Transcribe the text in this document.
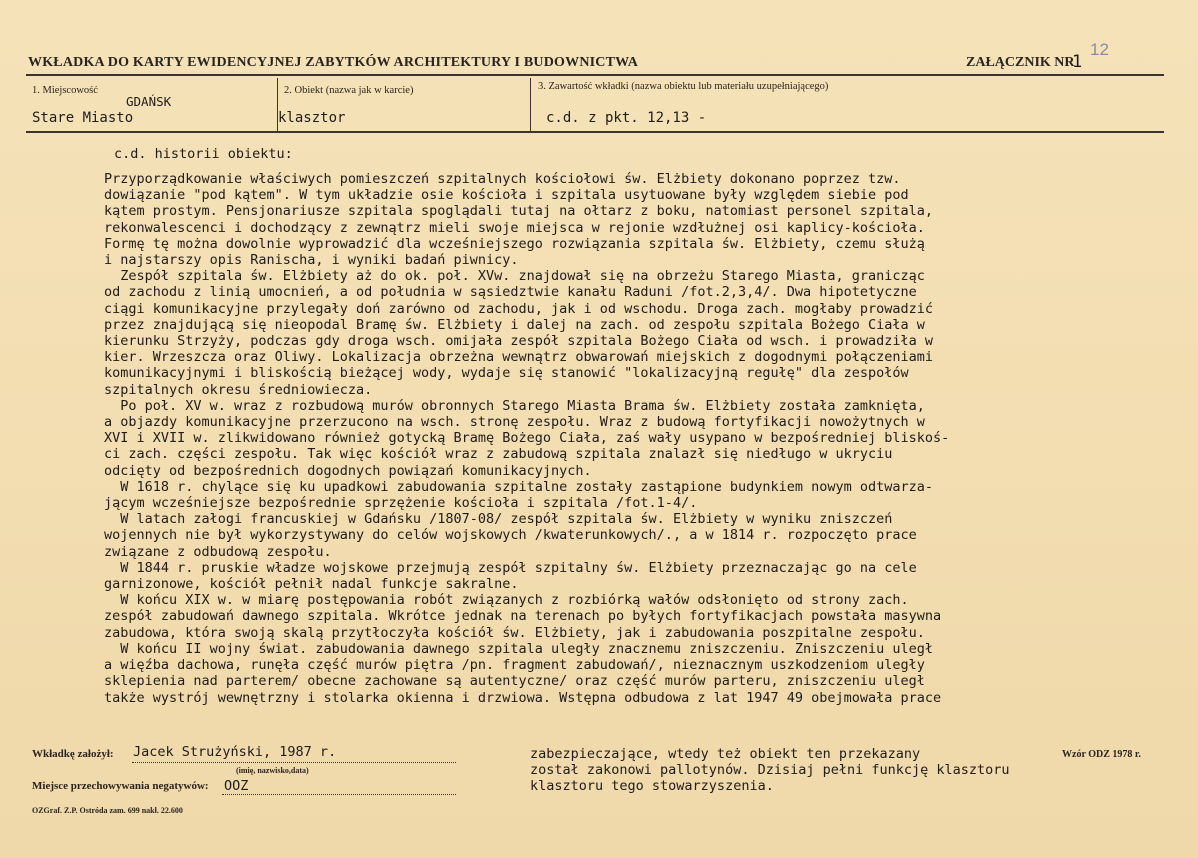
WKŁADKA DO KARTY EWIDENCYJNEJ ZABYTKÓW ARCHITEKTURY I BUDOWNICTWA	ZAŁĄCZNIK NR
1
12
1. Miejscowość
GDAŃSK
Stare Miasto
2. Obiekt (nazwa jak w karcie)
klasztor
3. Zawartość wkładki (nazwa obiektu lub materiału uzupełniającego)
c.d. z pkt. 12,13 -
c.d. historii obiektu:

Przyporządkowanie właściwych pomieszczeń szpitalnych kościołowi św. Elżbiety dokonano poprzez tzw.

dowiązanie "pod kątem". W tym układzie osie kościoła i szpitala usytuowane były względem siebie pod

kątem prostym. Pensjonariusze szpitala spoglądali tutaj na ołtarz z boku, natomiast personel szpitala,

rekonwalescenci i dochodzący z zewnątrz mieli swoje miejsca w rejonie wzdłużnej osi kaplicy-kościoła.

Formę tę można dowolnie wyprowadzić dla wcześniejszego rozwiązania szpitala św. Elżbiety, czemu służą

i najstarszy opis Ranischa, i wyniki badań piwnicy.

Zespół szpitala św. Elżbiety aż do ok. poł. XVw. znajdował się na obrzeżu Starego Miasta, granicząc

od zachodu z linią umocnień, a od południa w sąsiedztwie kanału Raduni /fot.2,3,4/. Dwa hipotetyczne

ciągi komunikacyjne przylegały doń zarówno od zachodu, jak i od wschodu. Droga zach. mogłaby prowadzić

przez znajdującą się nieopodal Bramę św. Elżbiety i dalej na zach. od zespołu szpitala Bożego Ciała w

kierunku Strzyży, podczas gdy droga wsch. omijała zespół szpitala Bożego Ciała od wsch. i prowadziła w

kier. Wrzeszcza oraz Oliwy. Lokalizacja obrzeżna wewnątrz obwarowań miejskich z dogodnymi połączeniami

komunikacyjnymi i bliskością bieżącej wody, wydaje się stanowić "lokalizacyjną regułę" dla zespołów

szpitalnych okresu średniowiecza.

Po poł. XV w. wraz z rozbudową murów obronnych Starego Miasta Brama św. Elżbiety została zamknięta,

a objazdy komunikacyjne przerzucono na wsch. stronę zespołu. Wraz z budową fortyfikacji nowożytnych w

XVI i XVII w. zlikwidowano również gotycką Bramę Bożego Ciała, zaś wały usypano w bezpośredniej bliskoś-

ci zach. części zespołu. Tak więc kościół wraz z zabudową szpitala znalazł się niedługo w ukryciu

odcięty od bezpośrednich dogodnych powiązań komunikacyjnych.

W 1618 r. chylące się ku upadkowi zabudowania szpitalne zostały zastąpione budynkiem nowym odtwarza-

jącym wcześniejsze bezpośrednie sprzężenie kościoła i szpitala /fot.1-4/.

W latach załogi francuskiej w Gdańsku /1807-08/ zespół szpitala św. Elżbiety w wyniku zniszczeń

wojennych nie był wykorzystywany do celów wojskowych /kwaterunkowych/., a w 1814 r. rozpoczęto prace

związane z odbudową zespołu.

W 1844 r. pruskie władze wojskowe przejmują zespół szpitalny św. Elżbiety przeznaczając go na cele

garnizonowe, kościół pełnił nadal funkcje sakralne.

W końcu XIX w. w miarę postępowania robót związanych z rozbiórką wałów odsłonięto od strony zach.

zespół zabudowań dawnego szpitala. Wkrótce jednak na terenach po byłych fortyfikacjach powstała masywna

zabudowa, która swoją skalą przytłoczyła kościół św. Elżbiety, jak i zabudowania poszpitalne zespołu.

W końcu II wojny świat. zabudowania dawnego szpitala uległy znacznemu zniszczeniu. Zniszczeniu uległ

a więźba dachowa, runęła część murów piętra /pn. fragment zabudowań/, nieznacznym uszkodzeniom uległy

sklepienia nad parterem/ obecne zachowane są autentyczne/ oraz część murów parteru, zniszczeniu uległ

także wystrój wewnętrzny i stolarka okienna i drzwiowa. Wstępna odbudowa z lat 1947 49 obejmowała prace

zabezpieczające, wtedy też obiekt ten przekazany

został zakonowi pallotynów. Dzisiaj pełni funkcję klasztoru

klasztoru tego stowarzyszenia.

Wkładkę założył: Jacek Strużyński, 1987 r.
(imię, nazwisko,data)
Miejsce przechowywania negatywów: OOZ
Wzór ODZ 1978 r.
OZGraf. Z.P. Ostróda zam. 699 nakł. 22.600
